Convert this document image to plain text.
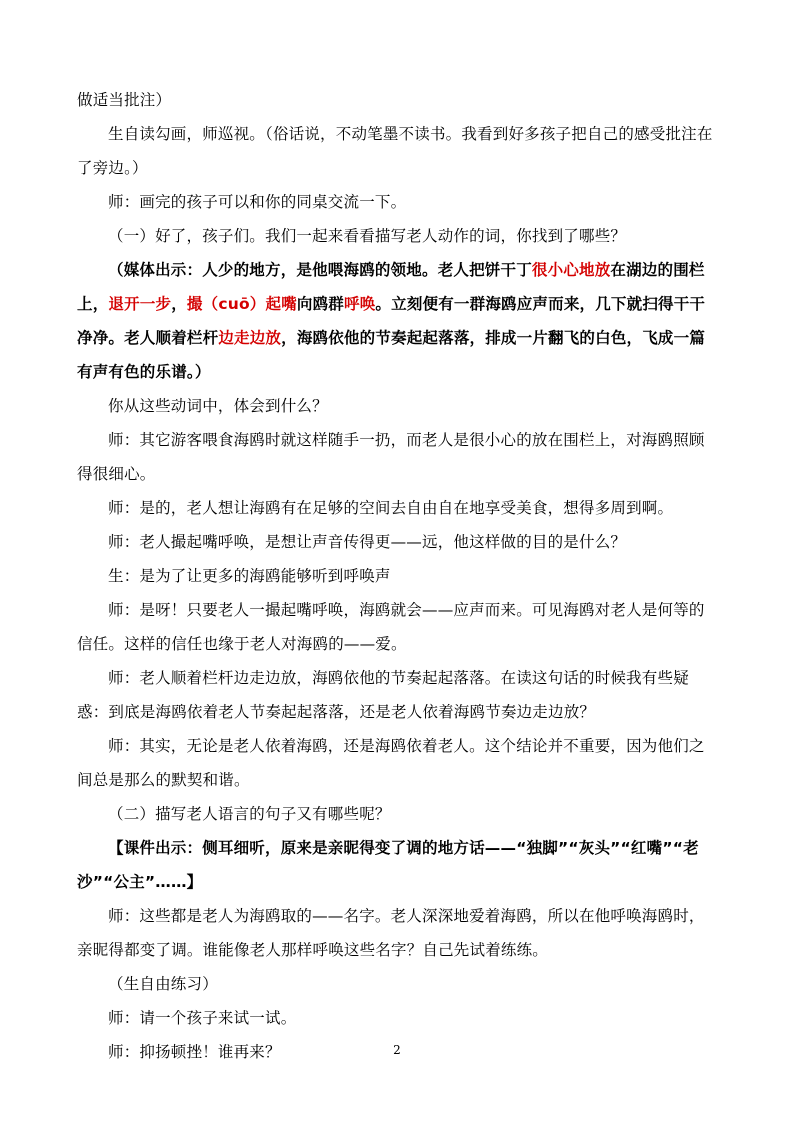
做适当批注）

生自读勾画，师巡视。（俗话说，不动笔墨不读书。我看到好多孩子把自己的感受批注在了旁边。）

师：画完的孩子可以和你的同桌交流一下。

（一）好了，孩子们。我们一起来看看描写老人动作的词，你找到了哪些？

（媒体出示：人少的地方，是他喂海鸥的领地。老人把饼干丁很小心地放在湖边的围栏上，退开一步，撮（cuō）起嘴向鸥群呼唤。立刻便有一群海鸥应声而来，几下就扫得干干净净。老人顺着栏杆边走边放，海鸥依他的节奏起起落落，排成一片翻飞的白色，飞成一篇有声有色的乐谱。）

你从这些动词中，体会到什么？

师：其它游客喂食海鸥时就这样随手一扔，而老人是很小心的放在围栏上，对海鸥照顾得很细心。

师：是的，老人想让海鸥有在足够的空间去自由自在地享受美食，想得多周到啊。

师：老人撮起嘴呼唤，是想让声音传得更——远，他这样做的目的是什么？

生：是为了让更多的海鸥能够听到呼唤声

师：是呀！只要老人一撮起嘴呼唤，海鸥就会——应声而来。可见海鸥对老人是何等的信任。这样的信任也缘于老人对海鸥的——爱。

师：老人顺着栏杆边走边放，海鸥依他的节奏起起落落。在读这句话的时候我有些疑惑：到底是海鸥依着老人节奏起起落落，还是老人依着海鸥节奏边走边放？

师：其实，无论是老人依着海鸥，还是海鸥依着老人。这个结论并不重要，因为他们之间总是那么的默契和谐。

（二）描写老人语言的句子又有哪些呢？

【课件出示：侧耳细听，原来是亲昵得变了调的地方话——“独脚”“灰头”“红嘴”“老沙”“公主”……】

师：这些都是老人为海鸥取的——名字。老人深深地爱着海鸥，所以在他呼唤海鸥时，亲昵得都变了调。谁能像老人那样呼唤这些名字？自己先试着练练。

（生自由练习）

师：请一个孩子来试一试。

师：抑扬顿挫！谁再来？	2
